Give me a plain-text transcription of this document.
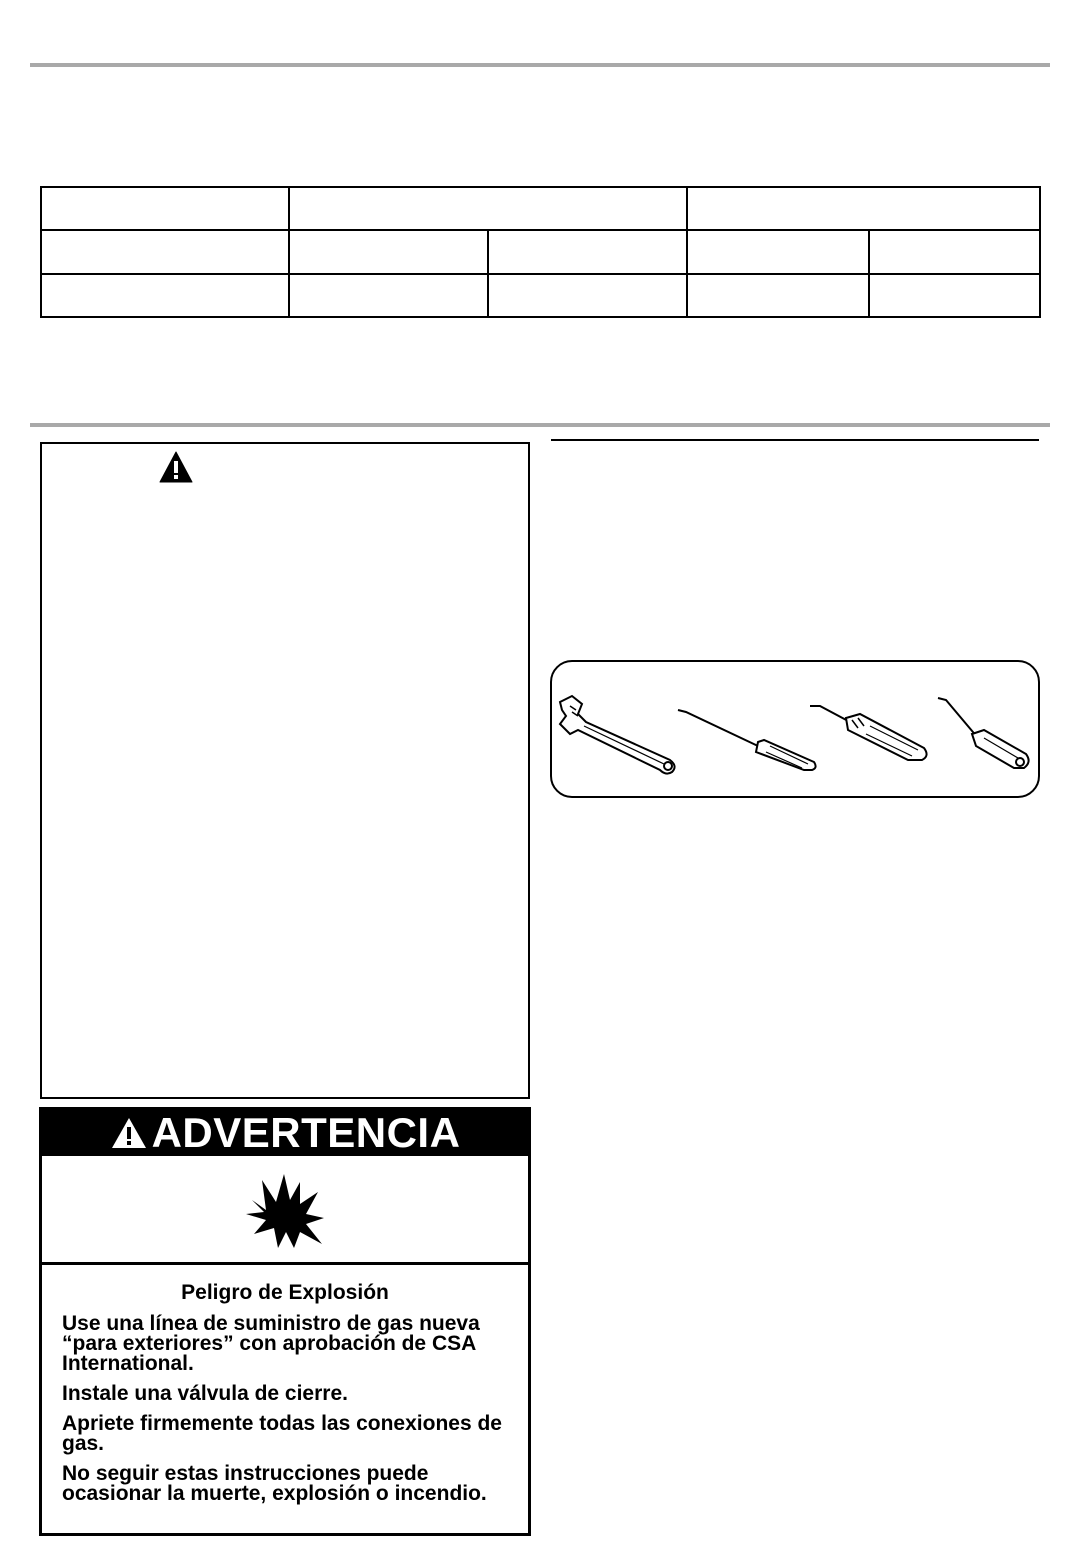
ADVERTENCIA
Peligro de Explosión
Use una línea de suministro de gas nueva “para exteriores” con aprobación de CSA International.
Instale una válvula de cierre.
Apriete firmemente todas las conexiones de gas.
No seguir estas instrucciones puede ocasionar la muerte, explosión o incendio.
